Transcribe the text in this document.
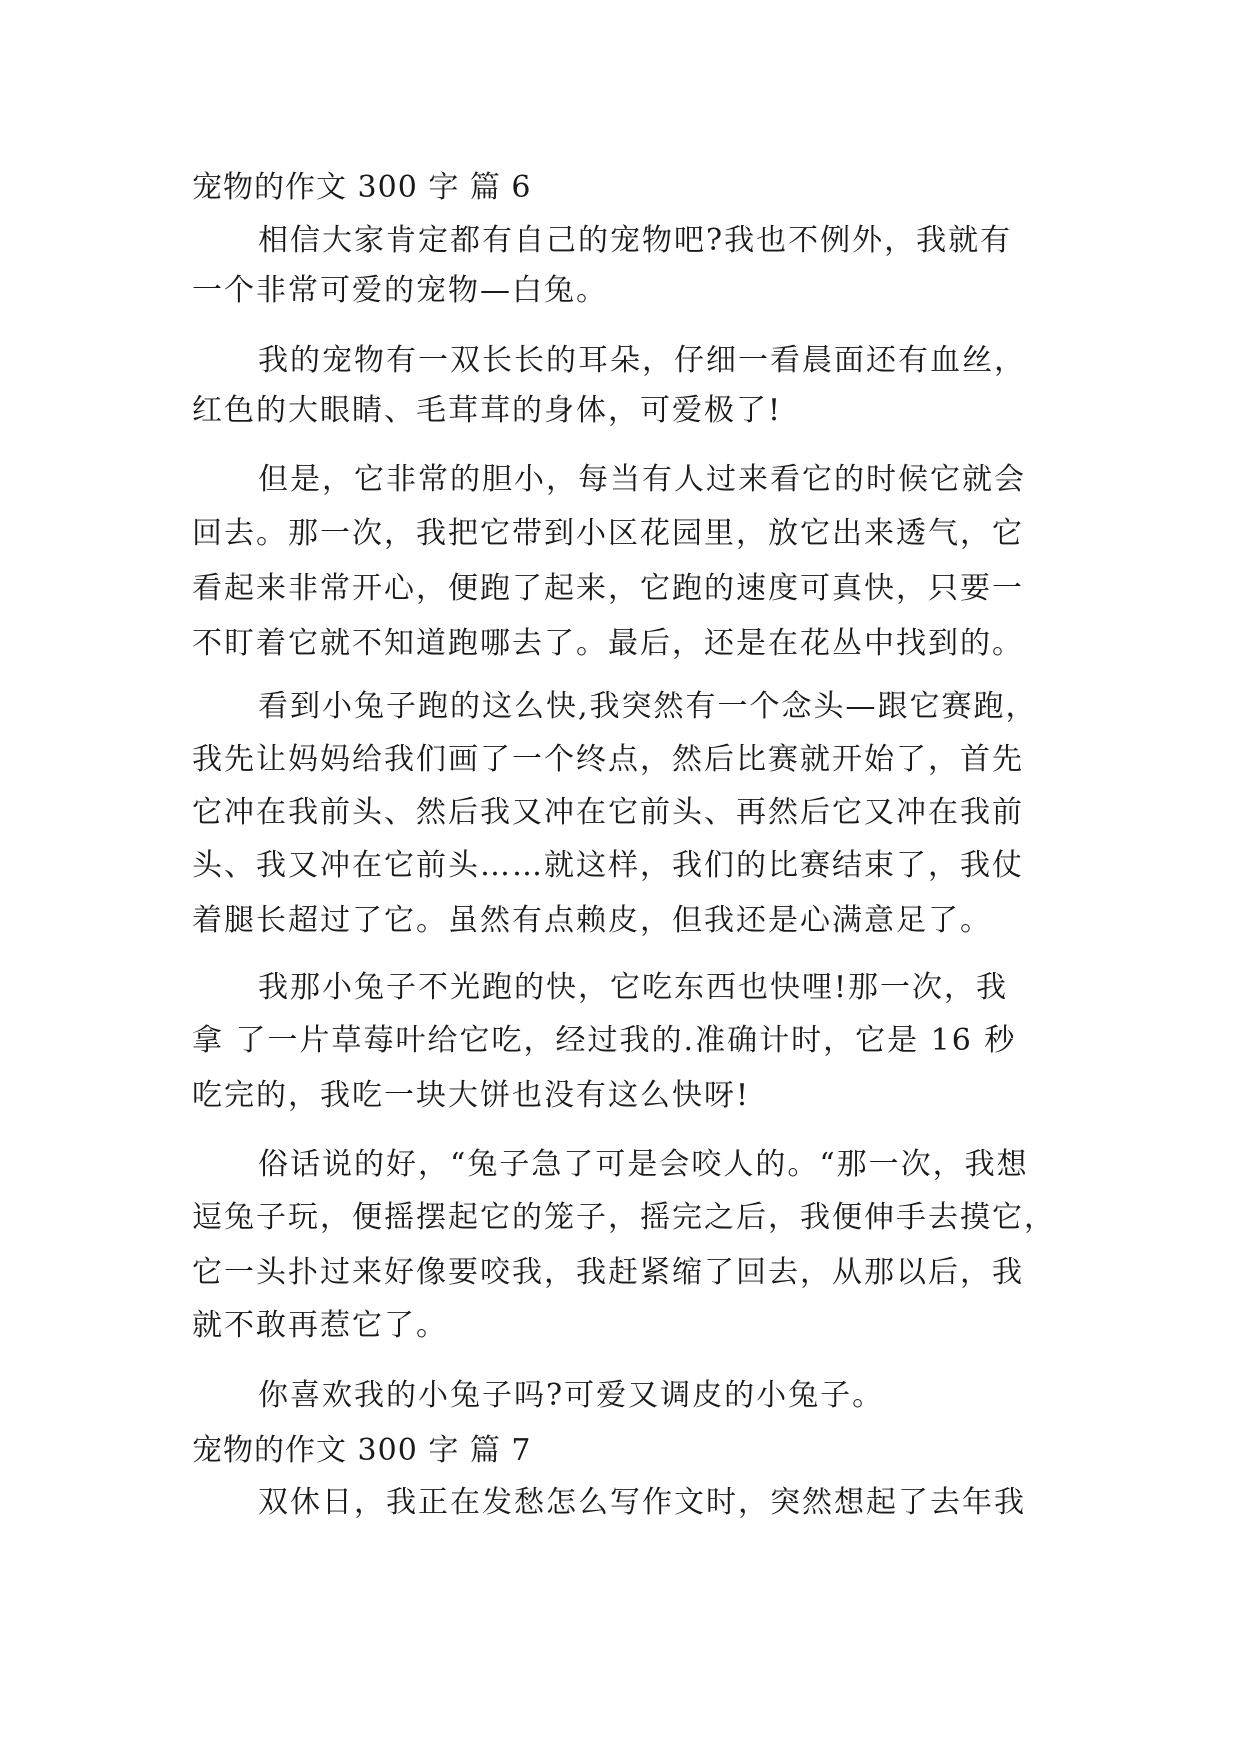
宠物的作文 300 字 篇 6
相信大家肯定都有自己的宠物吧?我也不例外，我就有
一个非常可爱的宠物—白兔。
我的宠物有一双长长的耳朵，仔细一看晨面还有血丝，
红色的大眼睛、毛茸茸的身体，可爱极了!
但是，它非常的胆小，每当有人过来看它的时候它就会
回去。那一次，我把它带到小区花园里，放它出来透气，它
看起来非常开心，便跑了起来，它跑的速度可真快，只要一
不盯着它就不知道跑哪去了。最后，还是在花丛中找到的。
看到小兔子跑的这么快,我突然有一个念头—跟它赛跑，
我先让妈妈给我们画了一个终点，然后比赛就开始了，首先
它冲在我前头、然后我又冲在它前头、再然后它又冲在我前
头、我又冲在它前头……就这样，我们的比赛结束了，我仗
着腿长超过了它。虽然有点赖皮，但我还是心满意足了。
我那小兔子不光跑的快，它吃东西也快哩!那一次，我
拿 了一片草莓叶给它吃，经过我的.准确计时，它是 16 秒
吃完的，我吃一块大饼也没有这么快呀!
俗话说的好，“兔子急了可是会咬人的。“那一次，我想
逗兔子玩，便摇摆起它的笼子，摇完之后，我便伸手去摸它，
它一头扑过来好像要咬我，我赶紧缩了回去，从那以后，我
就不敢再惹它了。
你喜欢我的小兔子吗?可爱又调皮的小兔子。
宠物的作文 300 字 篇 7
双休日，我正在发愁怎么写作文时，突然想起了去年我
